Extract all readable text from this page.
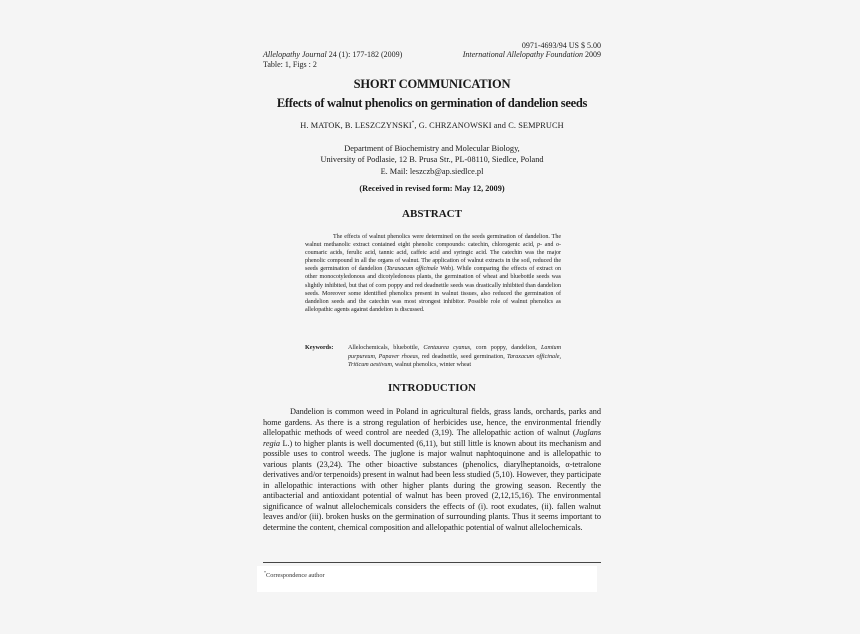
0971-4693/94 US $ 5.00
Allelopathy Journal 24 (1): 177-182 (2009)
Table: 1, Figs : 2
International Allelopathy Foundation 2009
SHORT COMMUNICATION
Effects of walnut phenolics on germination of dandelion seeds
H. MATOK, B. LESZCZYNSKI*, G. CHRZANOWSKI and C. SEMPRUCH
Department of Biochemistry and Molecular Biology,
University of Podlasie, 12 B. Prusa Str., PL-08110, Siedlce, Poland
E. Mail: leszczb@ap.siedlce.pl
(Received in revised form: May 12, 2009)
ABSTRACT
The effects of walnut phenolics were determined on the seeds germination of dandelion. The walnut methanolic extract contained eight phenolic compounds: catechin, chlorogenic acid, p- and o-coumaric acids, ferulic acid, tannic acid, caffeic acid and syringic acid. The catechin was the major phenolic compound in all the organs of walnut. The application of walnut extracts in the soil, reduced the seeds germination of dandelion (Taraxacum officinale Web). While comparing the effects of extract on other monocotyledonous and dicotyledonous plants, the germination of wheat and bluebottle seeds was slightly inhibited, but that of corn poppy and red deadnettle seeds was drastically inhibited than dandelion seeds. Moreover some identified phenolics present in walnut tissues, also reduced the germination of dandelion seeds and the catechin was most strongest inhibitor. Possible role of walnut phenolics as allelopathic agents against dandelion is discussed.
Keywords: Allelochemicals, bluebottle, Centaurea cyanus, corn poppy, dandelion, Lamium purpureum, Papaver rhoeas, red deadnettle, seed germination, Taraxacum officinale, Triticum aestivum, walnut phenolics, winter wheat
INTRODUCTION
Dandelion is common weed in Poland in agricultural fields, grass lands, orchards, parks and home gardens. As there is a strong regulation of herbicides use, hence, the environmental friendly allelopathic methods of weed control are needed (3,19). The allelopathic action of walnut (Juglans regia L.) to higher plants is well documented (6,11), but still little is known about its mechanism and possible uses to control weeds. The juglone is major walnut naphtoquinone and is allelopathic to various plants (23,24). The other bioactive substances (phenolics, diarylheptanoids, α-tetralone derivatives and/or terpenoids) present in walnut had been less studied (5,10). However, they participate in allelopathic interactions with other higher plants during the growing season. Recently the antibacterial and antioxidant potential of walnut has been proved (2,12,15,16). The environmental significance of walnut allelochemicals considers the effects of (i). root exudates, (ii). fallen walnut leaves and/or (iii). broken husks on the germination of surrounding plants. Thus it seems important to determine the content, chemical composition and allelopathic potential of walnut allelochemicals.
*Correspondence author
